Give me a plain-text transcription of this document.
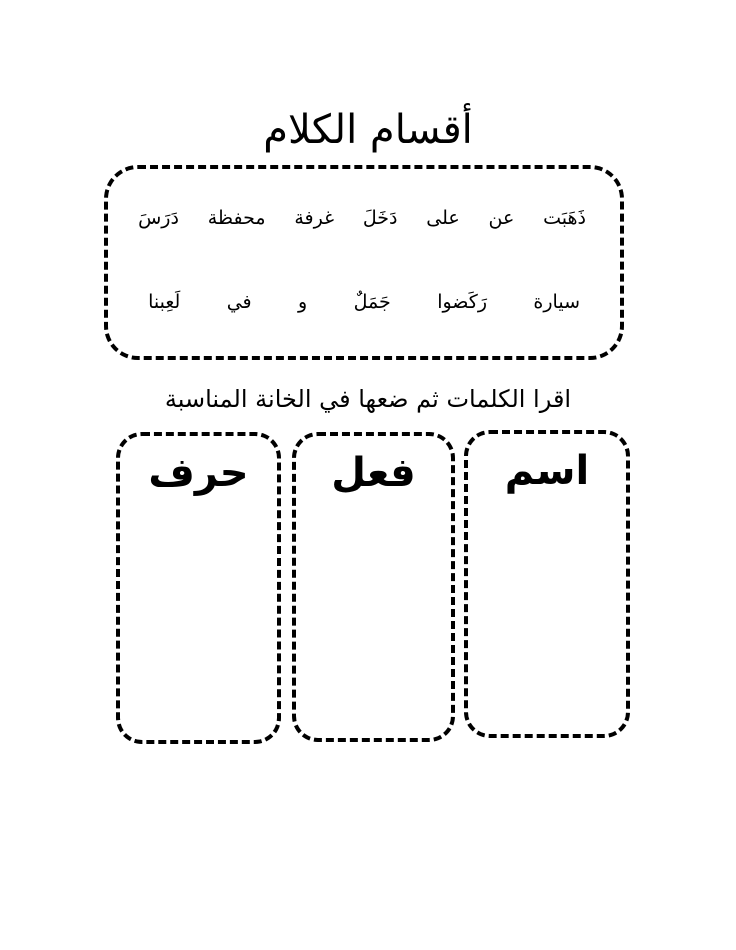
أقسام الكلام
دَرَسَ محفظة غرفة دَخَلَ على عن ذَهَبَت
لَعِبنا في و جَمَلٌ رَكَضوا سيارة
اقرا الكلمات ثم ضعها في الخانة المناسبة
حرف	فعل	اسم
